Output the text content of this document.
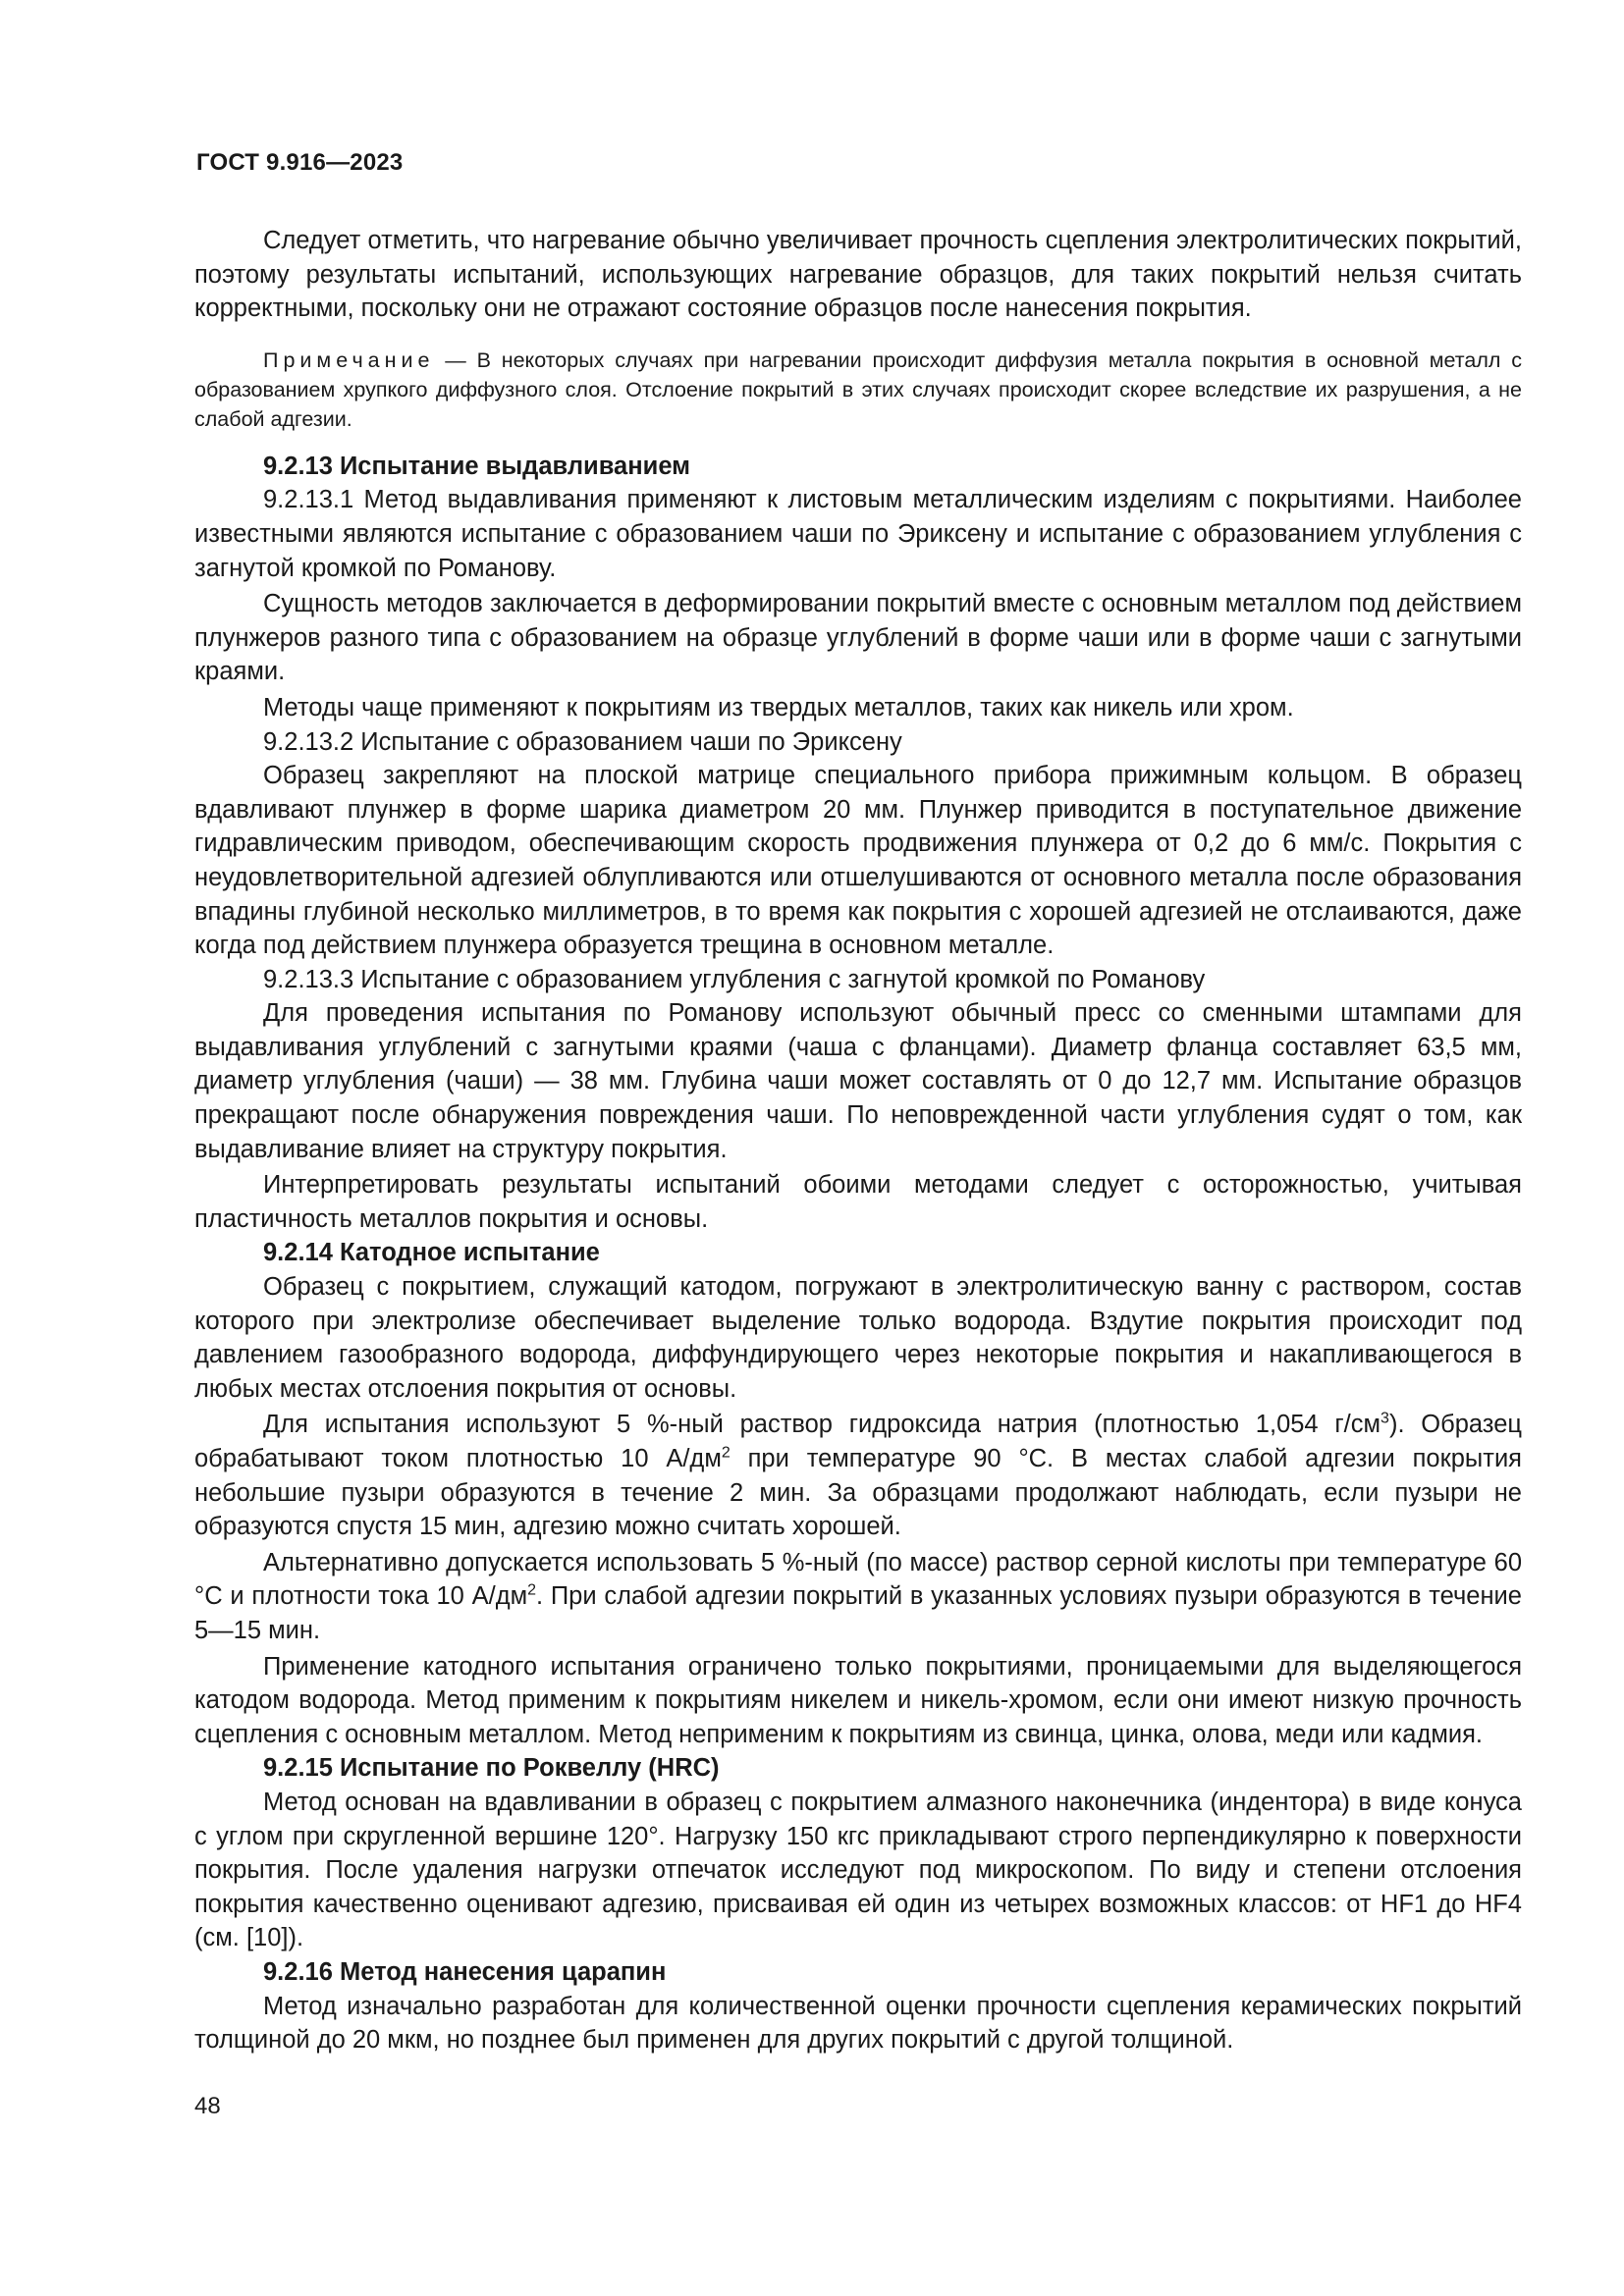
ГОСТ 9.916—2023

Следует отметить, что нагревание обычно увеличивает прочность сцепления электролитических покрытий, поэтому результаты испытаний, использующих нагревание образцов, для таких покрытий нельзя считать корректными, поскольку они не отражают состояние образцов после нанесения покрытия.

Примечание — В некоторых случаях при нагревании происходит диффузия металла покрытия в основной металл с образованием хрупкого диффузного слоя. Отслоение покрытий в этих случаях происходит скорее вследствие их разрушения, а не слабой адгезии.

9.2.13 Испытание выдавливанием

9.2.13.1 Метод выдавливания применяют к листовым металлическим изделиям с покрытиями. Наиболее известными являются испытание с образованием чаши по Эриксену и испытание с образованием углубления с загнутой кромкой по Романову.

Сущность методов заключается в деформировании покрытий вместе с основным металлом под действием плунжеров разного типа с образованием на образце углублений в форме чаши или в форме чаши с загнутыми краями.

Методы чаще применяют к покрытиям из твердых металлов, таких как никель или хром.

9.2.13.2 Испытание с образованием чаши по Эриксену

Образец закрепляют на плоской матрице специального прибора прижимным кольцом. В образец вдавливают плунжер в форме шарика диаметром 20 мм. Плунжер приводится в поступательное движение гидравлическим приводом, обеспечивающим скорость продвижения плунжера от 0,2 до 6 мм/с. Покрытия с неудовлетворительной адгезией облупливаются или отшелушиваются от основного металла после образования впадины глубиной несколько миллиметров, в то время как покрытия с хорошей адгезией не отслаиваются, даже когда под действием плунжера образуется трещина в основном металле.

9.2.13.3 Испытание с образованием углубления с загнутой кромкой по Романову

Для проведения испытания по Романову используют обычный пресс со сменными штампами для выдавливания углублений с загнутыми краями (чаша с фланцами). Диаметр фланца составляет 63,5 мм, диаметр углубления (чаши) — 38 мм. Глубина чаши может составлять от 0 до 12,7 мм. Испытание образцов прекращают после обнаружения повреждения чаши. По неповрежденной части углубления судят о том, как выдавливание влияет на структуру покрытия.

Интерпретировать результаты испытаний обоими методами следует с осторожностью, учитывая пластичность металлов покрытия и основы.

9.2.14 Катодное испытание

Образец с покрытием, служащий катодом, погружают в электролитическую ванну с раствором, состав которого при электролизе обеспечивает выделение только водорода. Вздутие покрытия происходит под давлением газообразного водорода, диффундирующего через некоторые покрытия и накапливающегося в любых местах отслоения покрытия от основы.

Для испытания используют 5 %-ный раствор гидроксида натрия (плотностью 1,054 $г/см^3$). Образец обрабатывают током плотностью 10 $А/дм^2$ при температуре 90 °С. В местах слабой адгезии покрытия небольшие пузыри образуются в течение 2 мин. За образцами продолжают наблюдать, если пузыри не образуются спустя 15 мин, адгезию можно считать хорошей.

Альтернативно допускается использовать 5 %-ный (по массе) раствор серной кислоты при температуре 60 °С и плотности тока 10 $А/дм^2$. При слабой адгезии покрытий в указанных условиях пузыри образуются в течение 5—15 мин.

Применение катодного испытания ограничено только покрытиями, проницаемыми для выделяющегося катодом водорода. Метод применим к покрытиям никелем и никель-хромом, если они имеют низкую прочность сцепления с основным металлом. Метод неприменим к покрытиям из свинца, цинка, олова, меди или кадмия.

9.2.15 Испытание по Роквеллу (HRC)

Метод основан на вдавливании в образец с покрытием алмазного наконечника (индентора) в виде конуса с углом при скругленной вершине 120°. Нагрузку 150 кгс прикладывают строго перпендикулярно к поверхности покрытия. После удаления нагрузки отпечаток исследуют под микроскопом. По виду и степени отслоения покрытия качественно оценивают адгезию, присваивая ей один из четырех возможных классов: от HF1 до HF4 (см. [10]).

9.2.16 Метод нанесения царапин

Метод изначально разработан для количественной оценки прочности сцепления керамических покрытий толщиной до 20 мкм, но позднее был применен для других покрытий с другой толщиной.

48
